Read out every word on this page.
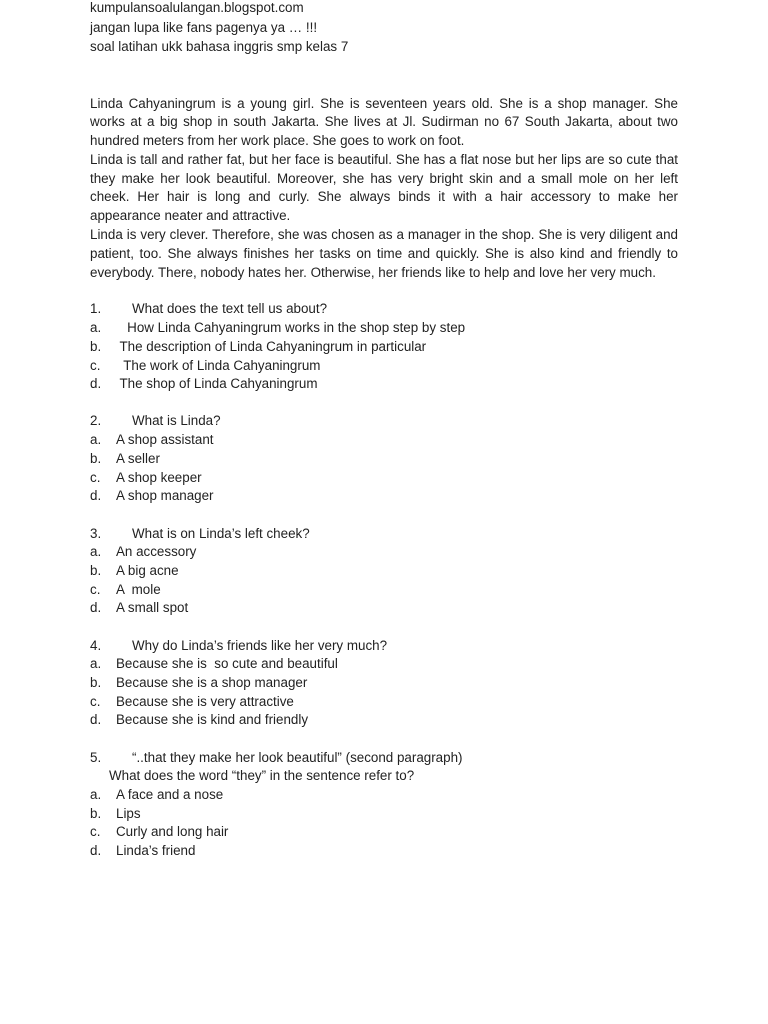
kumpulansoalulangan.blogspot.com
jangan lupa like fans pagenya ya … !!!
soal latihan ukk bahasa inggris smp kelas 7

Linda Cahyaningrum is a young girl. She is seventeen years old. She is a shop manager. She works at a big shop in south Jakarta. She lives at Jl. Sudirman no 67 South Jakarta, about two hundred meters from her work place. She goes to work on foot.

Linda is tall and rather fat, but her face is beautiful. She has a flat nose but her lips are so cute that they make her look beautiful. Moreover, she has very bright skin and a small mole on her left cheek. Her hair is long and curly. She always binds it with a hair accessory to make her appearance neater and attractive.

Linda is very clever. Therefore, she was chosen as a manager in the shop. She is very diligent and patient, too. She always finishes her tasks on time and quickly. She is also kind and friendly to everybody. There, nobody hates her. Otherwise, her friends like to help and love her very much.

1.	What does the text tell us about?
a.	How Linda Cahyaningrum works in the shop step by step
b.	The description of Linda Cahyaningrum in particular
c.	The work of Linda Cahyaningrum
d.	The shop of Linda Cahyaningrum
2.	What is Linda?
a.	A shop assistant
b.	A seller
c.	A shop keeper
d.	A shop manager
3.	What is on Linda’s left cheek?
a.	An accessory
b.	A big acne
c.	A  mole
d.	A small spot
4.	Why do Linda’s friends like her very much?
a.	Because she is  so cute and beautiful
b.	Because she is a shop manager
c.	Because she is very attractive
d.	Because she is kind and friendly
5.	“..that they make her look beautiful” (second paragraph)
What does the word “they” in the sentence refer to?
a.	A face and a nose
b.	Lips
c.	Curly and long hair
d.	Linda’s friend
